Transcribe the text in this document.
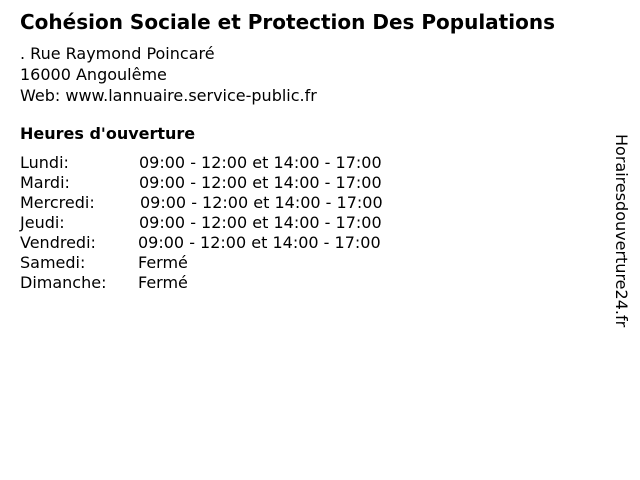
Cohésion Sociale et Protection Des Populations
. Rue Raymond Poincaré
16000 Angoulême
Web: www.lannuaire.service-public.fr
Heures d'ouverture
Lundi:	09:00 - 12:00 et 14:00 - 17:00
Mardi:	09:00 - 12:00 et 14:00 - 17:00
Mercredi:	09:00 - 12:00 et 14:00 - 17:00
Jeudi:	09:00 - 12:00 et 14:00 - 17:00
Vendredi:	09:00 - 12:00 et 14:00 - 17:00
Samedi:	Fermé
Dimanche: Fermé	Horairesdouverture24.fr
